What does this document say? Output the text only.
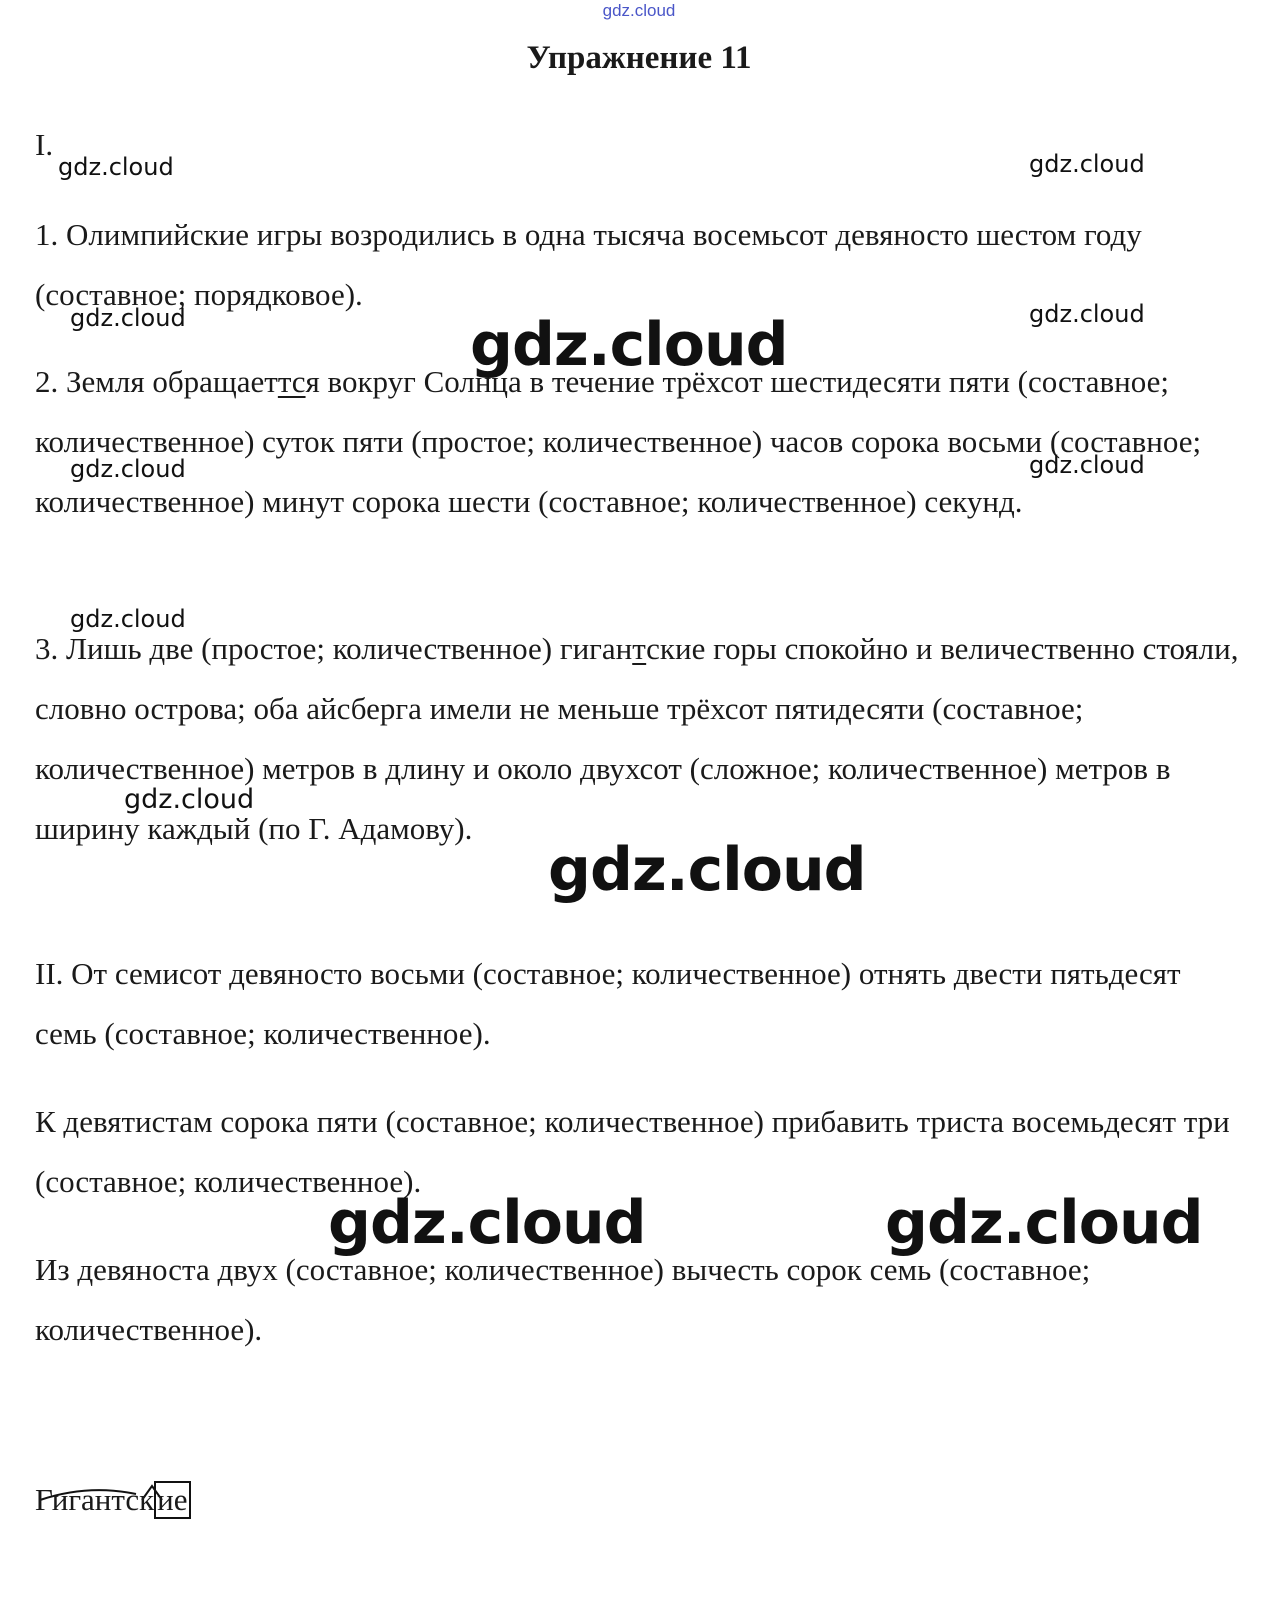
gdz.cloud
Упражнение 11

I.

1. Олимпийские игры возродились в одна тысяча восемьсот девяносто шестом году (составное; порядковое).

2. Земля обращаеттся вокруг Солнца в течение трёхсот шестидесяти пяти (составное; количественное) суток пяти (простое; количественное) часов сорока восьми (составное; количественное) минут сорока шести (составное; количественное) секунд.

3. Лишь две (простое; количественное) гигантские горы спокойно и величественно стояли, словно острова; оба айсберга имели не меньше трёхсот пятидесяти (составное; количественное) метров в длину и около двухсот (сложное; количественное) метров в ширину каждый (по Г. Адамову).

II. От семисот девяносто восьми (составное; количественное) отнять двести пятьдесят семь (составное; количественное).

К девятистам сорока пяти (составное; количественное) прибавить триста восемьдесят три (составное; количественное).

Из девяноста двух (составное; количественное) вычесть сорок семь (составное; количественное).

Гигантские
gdz.cloud	gdz.cloud
gdz.cloud	gdz.cloud
gdz.cloud
gdz.cloud	gdz.cloud
gdz.cloud
gdz.cloud
gdz.cloud
gdz.cloud	gdz.cloud
